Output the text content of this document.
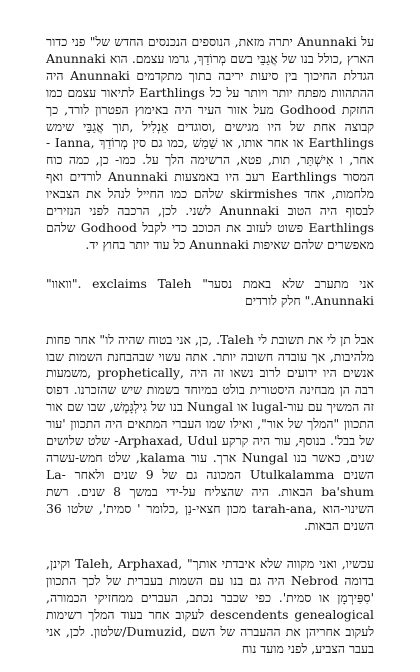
על Anunnaki יתרה מזאת, הנוספים הנכנסים החדש של" פני כדור הארץ ,כולל בנו של אֲגַבֵּי בשם מְרוֹדַךְ, גרמו עצמם. הוא Anunnaki הגדלת החיכוך בין סיעות יריבה בתוך מתקדמים Anunnaki היה ההתהוות מפתח יותר ויותר על כל Earthlings לתיאור עצמם כמו החזקת Godhood מעל אזור העיר היה באימוץ הפטרון לורד, כך קבוצה אחת של היו מגישים ,וסוגדים אֵנְלִיל ,תוך אֲגַבֵּי שימש Earthlings או אחר אותו, או שַׁמַשׁ ,כמו גם סין מְרוֹדַךְ ,Ianna -אחר, ו אִישְׁתַּר, תות, פטא, הרשימה הלך על. כמו- כן, כמה כוח המסור Earthlings רעב היו באמצעות Anunnaki לורדים ואף מלחמות, אחד skirmishes שלהם כמו החייל לנהל את הצבאיו לבסוף היה הטוב Anunnaki לשני. לכן, הרכבה לפני הנזירים Earthlings פשוט לעזוב את הכוכב כדי לקבל Godhood שלהם מאפשרים שלהם שאיפות Anunnaki כל עוד יותר בחוץ יד.

אני מתערב שלא באמת נסער" exclaims Taleh ."וואוו" Anunnaki." חלק לורדים

אבל תן לי את תשובת לי Taleh. ,כן, אני בטוח שהיה לו" אחר פחות מלהיבות, אך עובדה חשובה יותר. אתה עשוי שבהבחנת השמות שבו אנשים היו ידועים לרוב נשאו זה היה ,prophetically ,משמעות רבה הן מבחינה היסטורית בולט במיוחד בשמות שיש שהזכרנו. דפוס זה המשיך עם עור-lugal או Nungal בנו של גִילְגָּמֶשׁ, שבו שם אור התכוון "המלך של אור", ואילו שמו העברי המתאים היה התכוון 'עור של בבל'. בנוסף, עור היה קרקע Arphaxad, Udul- שלט שלושים שנים, כאשר בנו Nungal ארך. עור kalama, שלט חמש-עשרה השנים Utulkalamma המכונה גם של 9 שנים ולאחר La-ba'shum הבאות. היה שהצליח על-ידי במשך 8 שנים. רשת השינוי-הוא ,tarah-ana מכון חצאי-נַן ,כלומר ' סמית', שלטו 36 השנים הבאות.

עכשיו, ואני מקווה שלא איבדתי אותך" ,Taleh, Arphaxad וקינן, בדומה Nebrod היה גם בנו עם השמות בעברית של לכך התכוון 'סִפִּירְמָן או סמית'. כפי שכבר נכתב, העברים ממחזיקי הכמורה, descendents genealogical לעקוב אחר בעוד המלך רשימות לעקוב אחריהן את ההעברה של השם ,Dumuzid/שלטון. לכן, אני בעבר הצביע, לפני מועד נוח
